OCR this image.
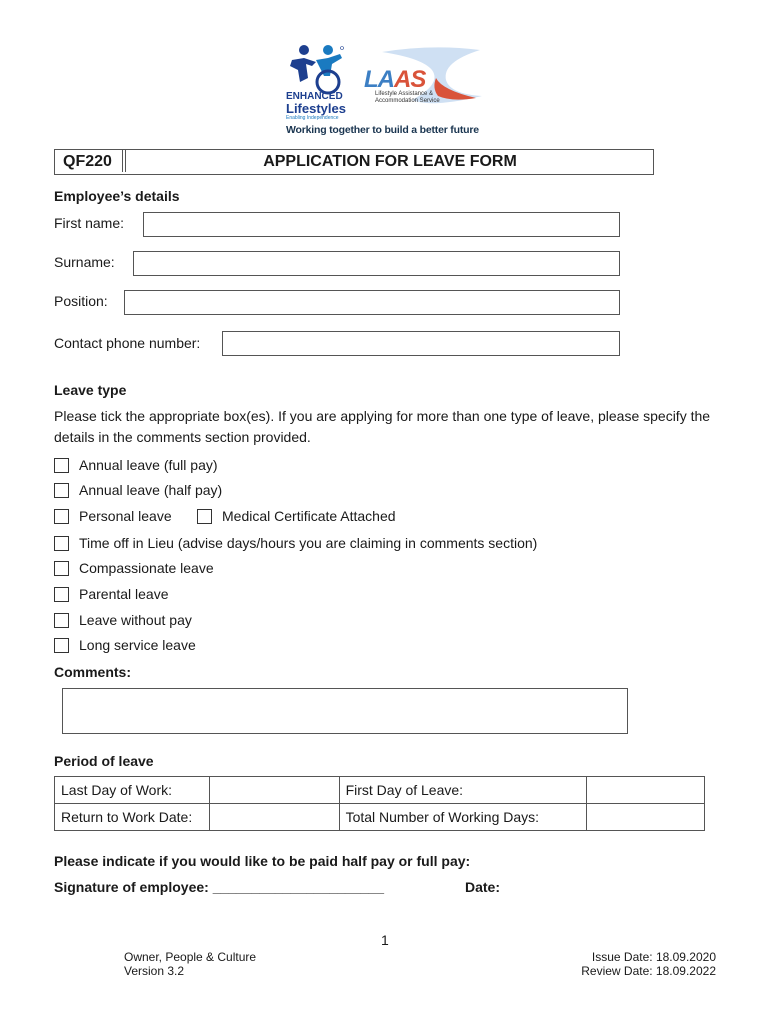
ENHANCED
Lifestyles
Enabling Independence
LAAS
Lifestyle Assistance &
Accommodation Service
Working together to build a better future
QF220	APPLICATION FOR LEAVE FORM
Employee’s details
First name:
Surname:
Position:
Contact phone number:
Leave type
Please tick the appropriate box(es). If you are applying for more than one type of leave, please specify the details in the comments section provided.
Annual leave (full pay)
Annual leave (half pay)
Personal leave	Medical Certificate Attached
Time off in Lieu (advise days/hours you are claiming in comments section)
Compassionate leave
Parental leave
Leave without pay
Long service leave
Comments:
Period of leave
Last Day of Work:		First Day of Leave:	
Return to Work Date:		Total Number of Working Days:	
Please indicate if you would like to be paid half pay or full pay:
Signature of employee: ______________________	Date:
1
Owner, People & Culture
Version 3.2
Issue Date: 18.09.2020
Review Date: 18.09.2022
